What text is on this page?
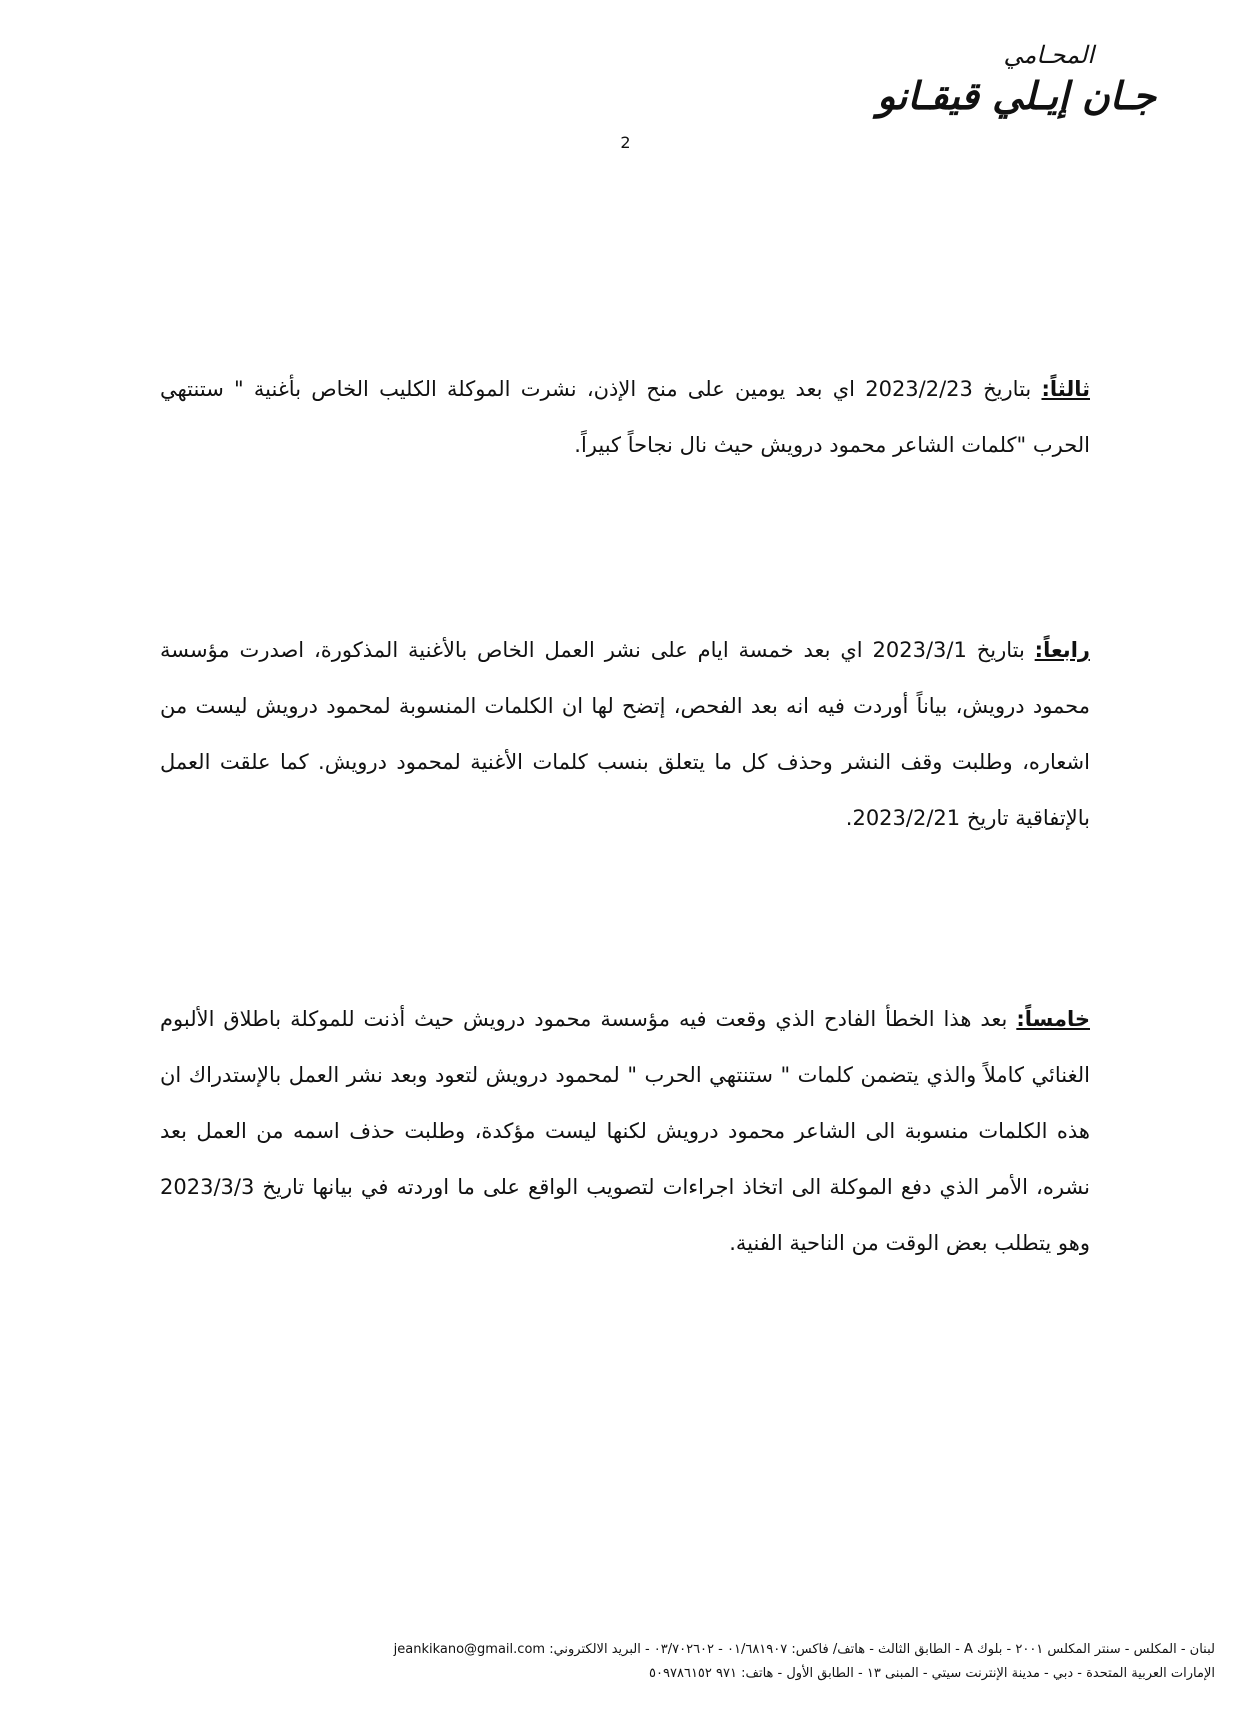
المحـامي
جـان إيـلي قيقـانو
2

ثالثاً: بتاريخ 2023/2/23 اي بعد يومين على منح الإذن، نشرت الموكلة الكليب الخاص بأغنية " ستنتهي الحرب "كلمات الشاعر محمود درويش حيث نال نجاحاً كبيراً.

رابعاً: بتاريخ 2023/3/1 اي بعد خمسة ايام على نشر العمل الخاص بالأغنية المذكورة، اصدرت مؤسسة محمود درويش، بياناً أوردت فيه انه بعد الفحص، إتضح لها ان الكلمات المنسوبة لمحمود درويش ليست من اشعاره، وطلبت وقف النشر وحذف كل ما يتعلق بنسب كلمات الأغنية لمحمود درويش. كما علقت العمل بالإتفاقية تاريخ 2023/2/21.

خامساً: بعد هذا الخطأ الفادح الذي وقعت فيه مؤسسة محمود درويش حيث أذنت للموكلة باطلاق الألبوم الغنائي كاملاً والذي يتضمن كلمات " ستنتهي الحرب " لمحمود درويش لتعود وبعد نشر العمل بالإستدراك ان هذه الكلمات منسوبة الى الشاعر محمود درويش لكنها ليست مؤكدة، وطلبت حذف اسمه من العمل بعد نشره، الأمر الذي دفع الموكلة الى اتخاذ اجراءات لتصويب الواقع على ما اوردته في بيانها تاريخ 2023/3/3 وهو يتطلب بعض الوقت من الناحية الفنية.

لبنان - المكلس - سنتر المكلس ٢٠٠١ - بلوك A - الطابق الثالث - هاتف/ فاكس: ٠١/٦٨١٩٠٧ - ٠٣/٧٠٢٦٠٢ - البريد الالكتروني: jeankikano@gmail.com
الإمارات العربية المتحدة - دبي - مدينة الإنترنت سيتي - المبنى ١٣ - الطابق الأول - هاتف: ٩٧١ ٥٠٩٧٨٦١٥٢
